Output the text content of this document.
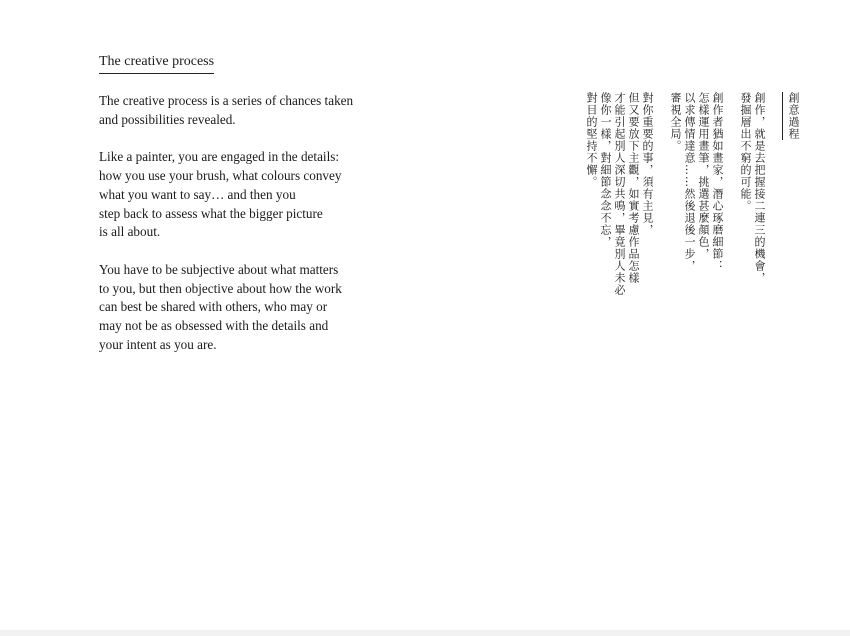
The creative process

The creative process is a series of chances taken
and possibilities revealed.

Like a painter, you are engaged in the details:
how you use your brush, what colours convey
what you want to say… and then you
step back to assess what the bigger picture
is all about.

You have to be subjective about what matters
to you, but then objective about how the work
can best be shared with others, who may or
may not be as obsessed with the details and
your intent as you are.

創意過程
創作，就是去把握接二連三的機會，
發掘層出不窮的可能。
創作者猶如畫家，潛心琢磨細節：
怎樣運用畫筆，挑選甚麼顏色，
以求傳情達意……然後退後一步，
審視全局。
對你重要的事，須有主見，
但又要放下主觀，如實考慮作品怎樣
才能引起別人深切共鳴，畢竟別人未必
像你一樣，對細節念念不忘，
對目的堅持不懈。
